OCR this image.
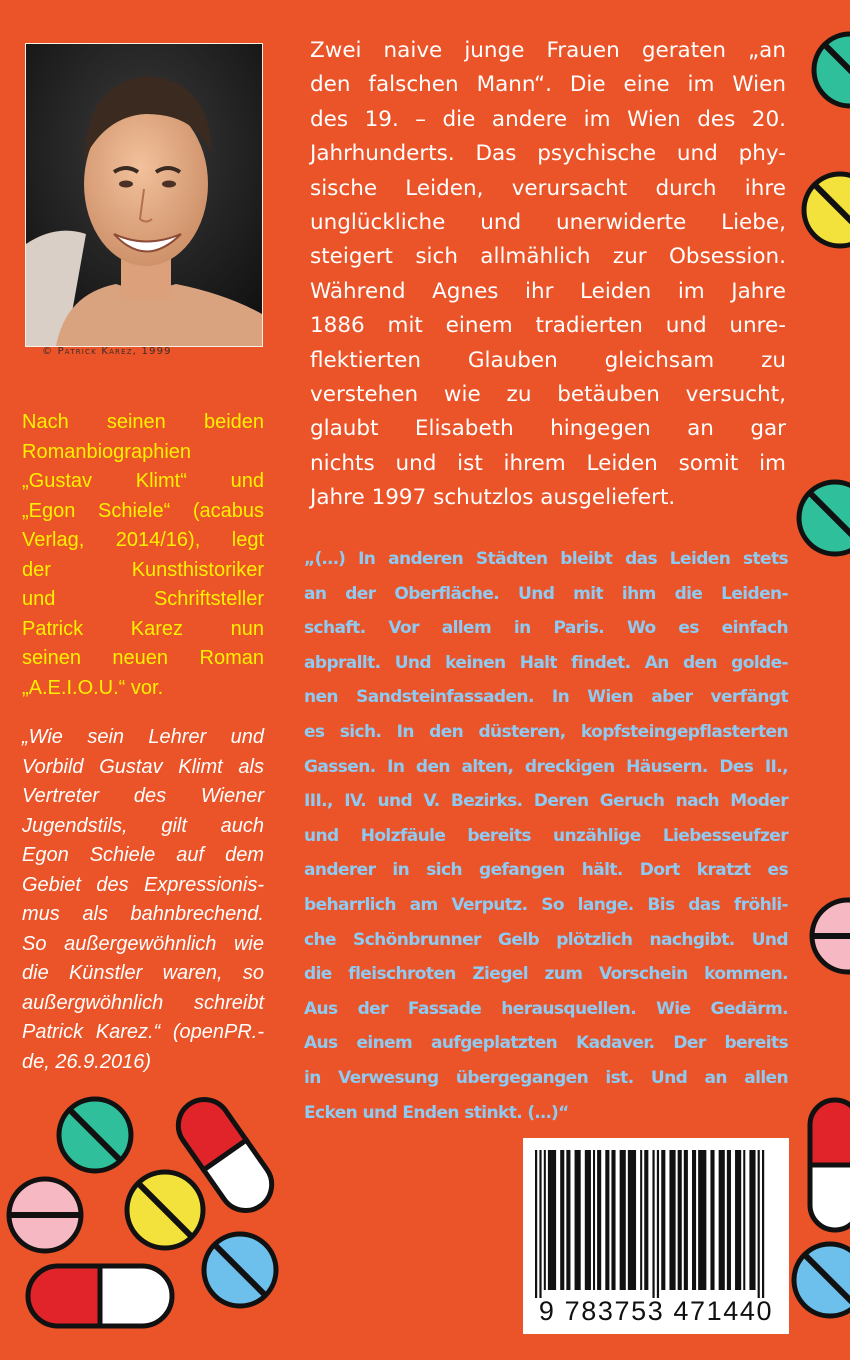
© Patrick Karez, 1999
Nach seinen beiden
Romanbiographien
„Gustav Klimt“ und
„Egon Schiele“ (acabus
Verlag, 2014/16), legt
der Kunsthistoriker
und Schriftsteller
Patrick Karez nun
seinen neuen Roman
„A.E.I.O.U.“ vor.
„Wie sein Lehrer und
Vorbild Gustav Klimt als
Vertreter des Wiener
Jugendstils, gilt auch
Egon Schiele auf dem
Gebiet des Expressionis-
mus als bahnbrechend.
So außergewöhnlich wie
die Künstler waren, so
außergwöhnlich schreibt
Patrick Karez.“ (openPR.-
de, 26.9.2016)
Zwei naive junge Frauen geraten „an
den falschen Mann“. Die eine im Wien
des 19. – die andere im Wien des 20.
Jahrhunderts. Das psychische und phy-
sische Leiden, verursacht durch ihre
unglückliche und unerwiderte Liebe,
steigert sich allmählich zur Obsession.
Während Agnes ihr Leiden im Jahre
1886 mit einem tradierten und unre-
flektierten Glauben gleichsam zu
verstehen wie zu betäuben versucht,
glaubt Elisabeth hingegen an gar
nichts und ist ihrem Leiden somit im
Jahre 1997 schutzlos ausgeliefert.
„(…) In anderen Städten bleibt das Leiden stets
an der Oberfläche. Und mit ihm die Leiden-
schaft. Vor allem in Paris. Wo es einfach
abprallt. Und keinen Halt findet. An den golde-
nen Sandsteinfassaden. In Wien aber verfängt
es sich. In den düsteren, kopfsteingepflasterten
Gassen. In den alten, dreckigen Häusern. Des II.,
III., IV. und V. Bezirks. Deren Geruch nach Moder
und Holzfäule bereits unzählige Liebesseufzer
anderer in sich gefangen hält. Dort kratzt es
beharrlich am Verputz. So lange. Bis das fröhli-
che Schönbrunner Gelb plötzlich nachgibt. Und
die fleischroten Ziegel zum Vorschein kommen.
Aus der Fassade herausquellen. Wie Gedärm.
Aus einem aufgeplatzten Kadaver. Der bereits
in Verwesung übergegangen ist. Und an allen
Ecken und Enden stinkt. (…)“
9 783753 471440
